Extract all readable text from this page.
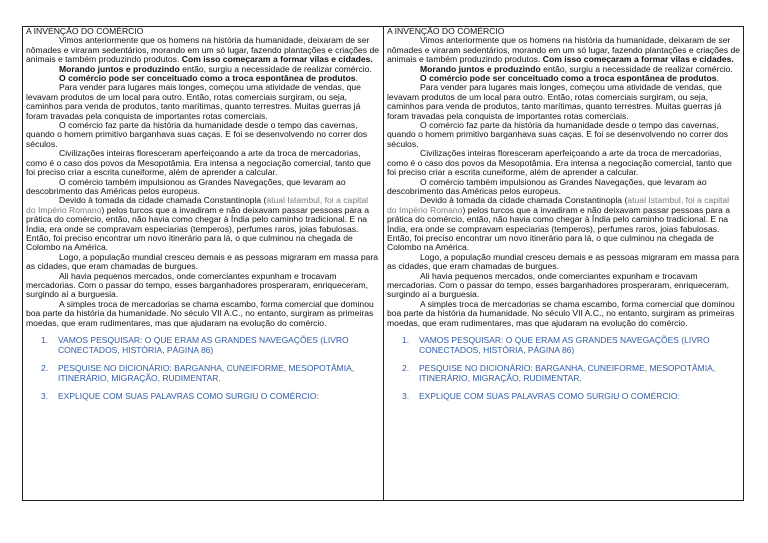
A INVENÇÃO DO COMÉRCIO

Vimos anteriormente que os homens na história da humanidade, deixaram de ser nômades e viraram sedentários, morando em um só lugar, fazendo plantações e criações de animais e também produzindo produtos. Com isso começaram a formar vilas e cidades.

Morando juntos e produzindo então, surgiu a necessidade de realizar comércio.

O comércio pode ser conceituado como a troca espontânea de produtos.

Para vender para lugares mais longes, começou uma atividade de vendas, que levavam produtos de um local para outro. Então, rotas comerciais surgiram, ou seja, caminhos para venda de produtos, tanto marítimas, quanto terrestres. Muitas guerras já foram travadas pela conquista de importantes rotas comerciais.

O comércio faz parte da história da humanidade desde o tempo das cavernas, quando o homem primitivo barganhava suas caças. E foi se desenvolvendo no correr dos séculos.

Civilizações inteiras floresceram aperfeiçoando a arte da troca de mercadorias, como é o caso dos povos da Mesopotâmia. Era intensa a negociação comercial, tanto que foi preciso criar a escrita cuneiforme, além de aprender a calcular.

O comércio também impulsionou as Grandes Navegações, que levaram ao descobrimento das Américas pelos europeus.

Devido à tomada da cidade chamada Constantinopla (atual Istambul, foi a capital do Império Romano) pelos turcos que a invadiram e não deixavam passar pessoas para a prática do comércio, então, não havia como chegar à Índia pelo caminho tradicional. E na Índia, era onde se compravam especiarias (temperos), perfumes raros, joias fabulosas. Então, foi preciso encontrar um novo itinerário para lá, o que culminou na chegada de Colombo na América.

Logo, a população mundial cresceu demais e as pessoas migraram em massa para as cidades, que eram chamadas de burgues.

Ali havia pequenos mercados, onde comerciantes expunham e trocavam mercadorias. Com o passar do tempo, esses barganhadores prosperaram, enriqueceram, surgindo aí a burguesia.

A simples troca de mercadorias se chama escambo, forma comercial que dominou boa parte da história da humanidade. No século VII A.C., no entanto, surgiram as primeiras moedas, que eram rudimentares, mas que ajudaram na evolução do comércio.

1.	VAMOS PESQUISAR: O QUE ERAM AS GRANDES NAVEGAÇÕES (LIVRO CONECTADOS, HISTÓRIA, PÁGINA 86)
2.	PESQUISE NO DICIONÁRIO: BARGANHA, CUNEIFORME, MESOPOTÂMIA, ITINERÁRIO, MIGRAÇÃO, RUDIMENTAR.
3.	EXPLIQUE COM SUAS PALAVRAS COMO SURGIU O COMÉRCIO:
A INVENÇÃO DO COMÉRCIO

Vimos anteriormente que os homens na história da humanidade, deixaram de ser nômades e viraram sedentários, morando em um só lugar, fazendo plantações e criações de animais e também produzindo produtos. Com isso começaram a formar vilas e cidades.

Morando juntos e produzindo então, surgiu a necessidade de realizar comércio.

O comércio pode ser conceituado como a troca espontânea de produtos.

Para vender para lugares mais longes, começou uma atividade de vendas, que levavam produtos de um local para outro. Então, rotas comerciais surgiram, ou seja, caminhos para venda de produtos, tanto marítimas, quanto terrestres. Muitas guerras já foram travadas pela conquista de importantes rotas comerciais.

O comércio faz parte da história da humanidade desde o tempo das cavernas, quando o homem primitivo barganhava suas caças. E foi se desenvolvendo no correr dos séculos.

Civilizações inteiras floresceram aperfeiçoando a arte da troca de mercadorias, como é o caso dos povos da Mesopotâmia. Era intensa a negociação comercial, tanto que foi preciso criar a escrita cuneiforme, além de aprender a calcular.

O comércio também impulsionou as Grandes Navegações, que levaram ao descobrimento das Américas pelos europeus.

Devido à tomada da cidade chamada Constantinopla (atual Istambul, foi a capital do Império Romano) pelos turcos que a invadiram e não deixavam passar pessoas para a prática do comércio, então, não havia como chegar à Índia pelo caminho tradicional. E na Índia, era onde se compravam especiarias (temperos), perfumes raros, joias fabulosas. Então, foi preciso encontrar um novo itinerário para lá, o que culminou na chegada de Colombo na América.

Logo, a população mundial cresceu demais e as pessoas migraram em massa para as cidades, que eram chamadas de burgues.

Ali havia pequenos mercados, onde comerciantes expunham e trocavam mercadorias. Com o passar do tempo, esses barganhadores prosperaram, enriqueceram, surgindo aí a burguesia.

A simples troca de mercadorias se chama escambo, forma comercial que dominou boa parte da história da humanidade. No século VII A.C., no entanto, surgiram as primeiras moedas, que eram rudimentares, mas que ajudaram na evolução do comércio.

1.	VAMOS PESQUISAR: O QUE ERAM AS GRANDES NAVEGAÇÕES (LIVRO CONECTADOS, HISTÓRIA, PÁGINA 86)
2.	PESQUISE NO DICIONÁRIO: BARGANHA, CUNEIFORME, MESOPOTÂMIA, ITINERÁRIO, MIGRAÇÃO, RUDIMENTAR.
3.	EXPLIQUE COM SUAS PALAVRAS COMO SURGIU O COMÉRCIO:
